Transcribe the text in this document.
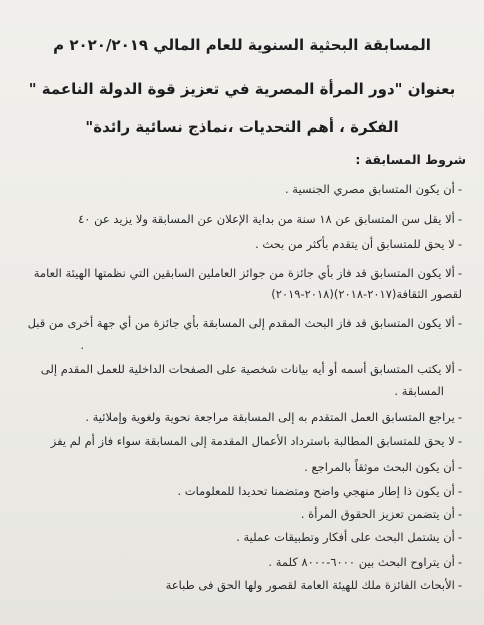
المسابقة البحثية السنوية للعام المالي ٢٠٢٠/٢٠١٩ م
بعنوان "دور المرأة المصرية في تعزيز قوة الدولة الناعمة "
الفكرة ، أهم التحديات ،نماذج نسائية رائدة"
شروط المسابقة :
-أن يكون المتسابق مصري الجنسية .
-ألا يقل سن المتسابق عن ١٨ سنة من بداية الإعلان عن المسابقة ولا يزيد عن ٤٠
-لا يحق للمتسابق أن يتقدم بأكثر من بحث .
-ألا يكون المتسابق قد فاز بأي جائزة من جوائز العاملين السابقين التي نظمتها الهيئة العامة
لقصور الثقافة(٢٠١٧-٢٠١٨)(٢٠١٨-٢٠١٩)
-ألا يكون المتسابق قد فاز البحث المقدم إلى المسابقة بأي جائزة من أي جهة أخرى من قبل
.
-ألا يكتب المتسابق أسمه أو أيه بيانات شخصية على الصفحات الداخلية للعمل المقدم إلى
المسابقة .
-يراجع المتسابق العمل المتقدم به إلى المسابقة مراجعة نحوية ولغوية وإملائية .
-لا يحق للمتسابق المطالبة باسترداد الأعمال المقدمة إلى المسابقة سواء فاز أم لم يفز
-أن يكون البحث موثقاً بالمراجع .
-أن يكون ذا إطار منهجي واضح ومتضمنا تحديدا للمعلومات .
-أن يتضمن تعزيز الحقوق المرأة .
-أن يشتمل البحث على أفكار وتطبيقات عملية .
-أن يتراوح البحث بين ٦٠٠٠-٨٠٠٠ كلمة .
-الأبحاث الفائزة ملك للهيئة العامة لقصور ولها الحق فى طباعة
